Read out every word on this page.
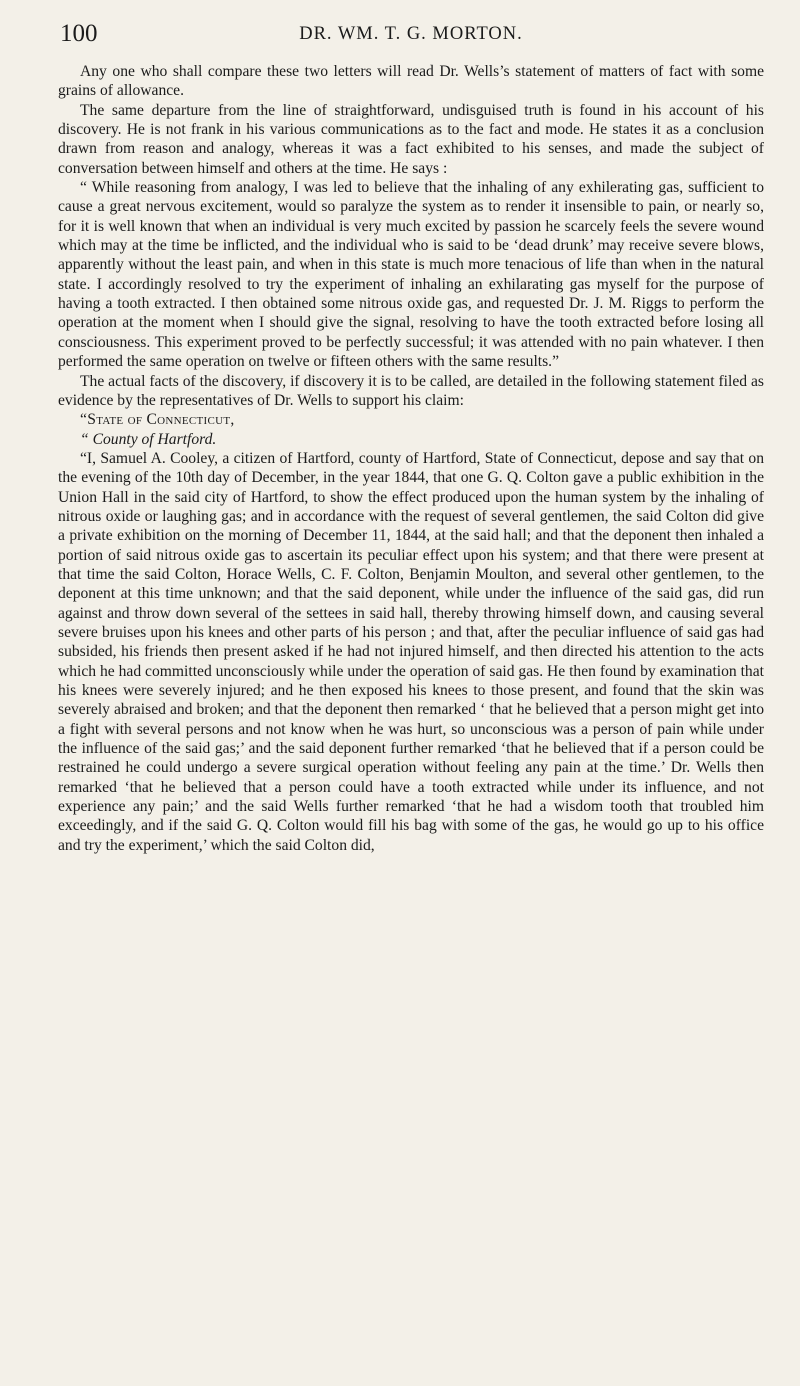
100	DR. WM. T. G. MORTON.

Any one who shall compare these two letters will read Dr. Wells’s statement of matters of fact with some grains of allowance.

The same departure from the line of straightforward, undisguised truth is found in his account of his discovery. He is not frank in his various communications as to the fact and mode. He states it as a conclusion drawn from reason and analogy, whereas it was a fact exhibited to his senses, and made the subject of conversation between himself and others at the time. He says :

“ While reasoning from analogy, I was led to believe that the inhaling of any exhilerating gas, sufficient to cause a great nervous excitement, would so paralyze the system as to render it insensible to pain, or nearly so, for it is well known that when an individual is very much excited by passion he scarcely feels the severe wound which may at the time be inflicted, and the individual who is said to be ‘dead drunk’ may receive severe blows, apparently without the least pain, and when in this state is much more tenacious of life than when in the natural state. I accordingly resolved to try the experiment of inhaling an exhilarating gas myself for the purpose of having a tooth extracted. I then obtained some nitrous oxide gas, and requested Dr. J. M. Riggs to perform the operation at the moment when I should give the signal, resolving to have the tooth extracted before losing all consciousness. This experiment proved to be perfectly successful; it was attended with no pain whatever. I then performed the same operation on twelve or fifteen others with the same results.”

The actual facts of the discovery, if discovery it is to be called, are detailed in the following statement filed as evidence by the representatives of Dr. Wells to support his claim:

“State of Connecticut,

“ County of Hartford.

“I, Samuel A. Cooley, a citizen of Hartford, county of Hartford, State of Connecticut, depose and say that on the evening of the 10th day of December, in the year 1844, that one G. Q. Colton gave a public exhibition in the Union Hall in the said city of Hartford, to show the effect produced upon the human system by the inhaling of nitrous oxide or laughing gas; and in accordance with the request of several gentlemen, the said Colton did give a private exhibition on the morning of December 11, 1844, at the said hall; and that the deponent then inhaled a portion of said nitrous oxide gas to ascertain its peculiar effect upon his system; and that there were present at that time the said Colton, Horace Wells, C. F. Colton, Benjamin Moulton, and several other gentlemen, to the deponent at this time unknown; and that the said deponent, while under the influence of the said gas, did run against and throw down several of the settees in said hall, thereby throwing himself down, and causing several severe bruises upon his knees and other parts of his person ; and that, after the peculiar influence of said gas had subsided, his friends then present asked if he had not injured himself, and then directed his attention to the acts which he had committed unconsciously while under the operation of said gas. He then found by examination that his knees were severely injured; and he then exposed his knees to those present, and found that the skin was severely abraised and broken; and that the deponent then remarked ‘ that he believed that a person might get into a fight with several persons and not know when he was hurt, so unconscious was a person of pain while under the influence of the said gas;’ and the said deponent further remarked ‘that he believed that if a person could be restrained he could undergo a severe surgical operation without feeling any pain at the time.’ Dr. Wells then remarked ‘that he believed that a person could have a tooth extracted while under its influence, and not experience any pain;’ and the said Wells further remarked ‘that he had a wisdom tooth that troubled him exceedingly, and if the said G. Q. Colton would fill his bag with some of the gas, he would go up to his office and try the experiment,’ which the said Colton did,
